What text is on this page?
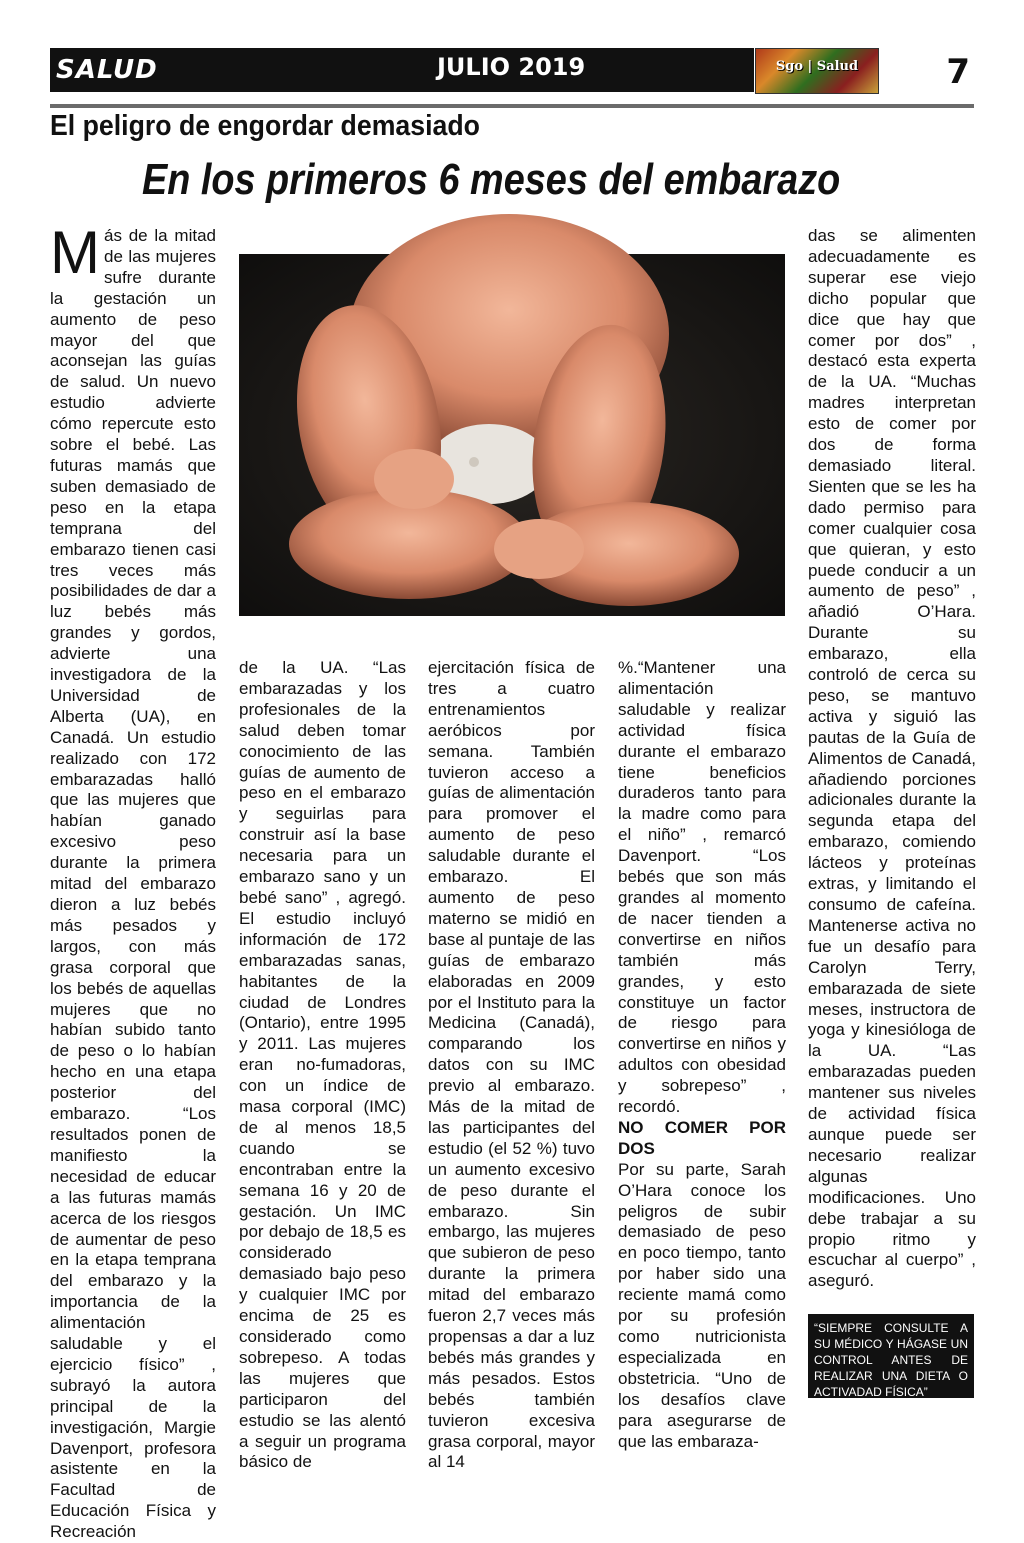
SALUD	JULIO 2019	Sgo | Salud	7
El peligro de engordar demasiado
En los primeros 6 meses del embarazo

Más de la mitad de las mujeres sufre durante la gestación un aumento de peso mayor del que aconsejan las guías de salud. Un nuevo estudio advierte cómo repercute esto sobre el bebé. Las futuras mamás que suben demasiado de peso en la etapa temprana del embarazo tienen casi tres veces más posibilidades de dar a luz bebés más grandes y gordos, advierte una investigadora de la Universidad de Alberta (UA), en Canadá. Un estudio realizado con 172 embarazadas halló que las mujeres que habían ganado excesivo peso durante la primera mitad del embarazo dieron a luz bebés más pesados y largos, con más grasa corporal que los bebés de aquellas mujeres que no habían subido tanto de peso o lo habían hecho en una etapa posterior del embarazo. “Los resultados ponen de manifiesto la necesidad de educar a las futuras mamás acerca de los riesgos de aumentar de peso en la etapa temprana del embarazo y la importancia de la alimentación saludable y el ejercicio físico” , subrayó la autora principal de la investigación, Margie Davenport, profesora asistente en la Facultad de Educación Física y Recreación

de la UA. “Las embarazadas y los profesionales de la salud deben tomar conocimiento de las guías de aumento de peso en el embarazo y seguirlas para construir así la base necesaria para un embarazo sano y un bebé sano” , agregó. El estudio incluyó información de 172 embarazadas sanas, habitantes de la ciudad de Londres (Ontario), entre 1995 y 2011. Las mujeres eran no-fumadoras, con un índice de masa corporal (IMC) de al menos 18,5 cuando se encontraban entre la semana 16 y 20 de gestación. Un IMC por debajo de 18,5 es considerado demasiado bajo peso y cualquier IMC por encima de 25 es considerado como sobrepeso. A todas las mujeres que participaron del estudio se las alentó a seguir un programa básico de

ejercitación física de tres a cuatro entrenamientos aeróbicos por semana. También tuvieron acceso a guías de alimentación para promover el aumento de peso saludable durante el embarazo. El aumento de peso materno se midió en base al puntaje de las guías de embarazo elaboradas en 2009 por el Instituto para la Medicina (Canadá), comparando los datos con su IMC previo al embarazo. Más de la mitad de las participantes del estudio (el 52 %) tuvo un aumento excesivo de peso durante el embarazo. Sin embargo, las mujeres que subieron de peso durante la primera mitad del embarazo fueron 2,7 veces más propensas a dar a luz bebés más grandes y más pesados. Estos bebés también tuvieron excesiva grasa corporal, mayor al 14

%.“Mantener una alimentación saludable y realizar actividad física durante el embarazo tiene beneficios duraderos tanto para la madre como para el niño” , remarcó Davenport. “Los bebés que son más grandes al momento de nacer tienden a convertirse en niños también más grandes, y esto constituye un factor de riesgo para convertirse en niños y adultos con obesidad y sobrepeso” , recordó.

NO COMER POR DOS

Por su parte, Sarah O’Hara conoce los peligros de subir demasiado de peso en poco tiempo, tanto por haber sido una reciente mamá como por su profesión como nutricionista especializada en obstetricia. “Uno de los desafíos clave para asegurarse de que las embaraza-

das se alimenten adecuadamente es superar ese viejo dicho popular que dice que hay que comer por dos” , destacó esta experta de la UA. “Muchas madres interpretan esto de comer por dos de forma demasiado literal. Sienten que se les ha dado permiso para comer cualquier cosa que quieran, y esto puede conducir a un aumento de peso” , añadió O’Hara. Durante su embarazo, ella controló de cerca su peso, se mantuvo activa y siguió las pautas de la Guía de Alimentos de Canadá, añadiendo porciones adicionales durante la segunda etapa del embarazo, comiendo lácteos y proteínas extras, y limitando el consumo de cafeína. Mantenerse activa no fue un desafío para Carolyn Terry, embarazada de siete meses, instructora de yoga y kinesióloga de la UA. “Las embarazadas pueden mantener sus niveles de actividad física aunque puede ser necesario realizar algunas modificaciones. Uno debe trabajar a su propio ritmo y escuchar al cuerpo” , aseguró.

“SIEMPRE CONSULTE A SU MÉDICO Y HÁGASE UN CONTROL ANTES DE REALIZAR UNA DIETA O ACTIVADAD FÍSICA”
